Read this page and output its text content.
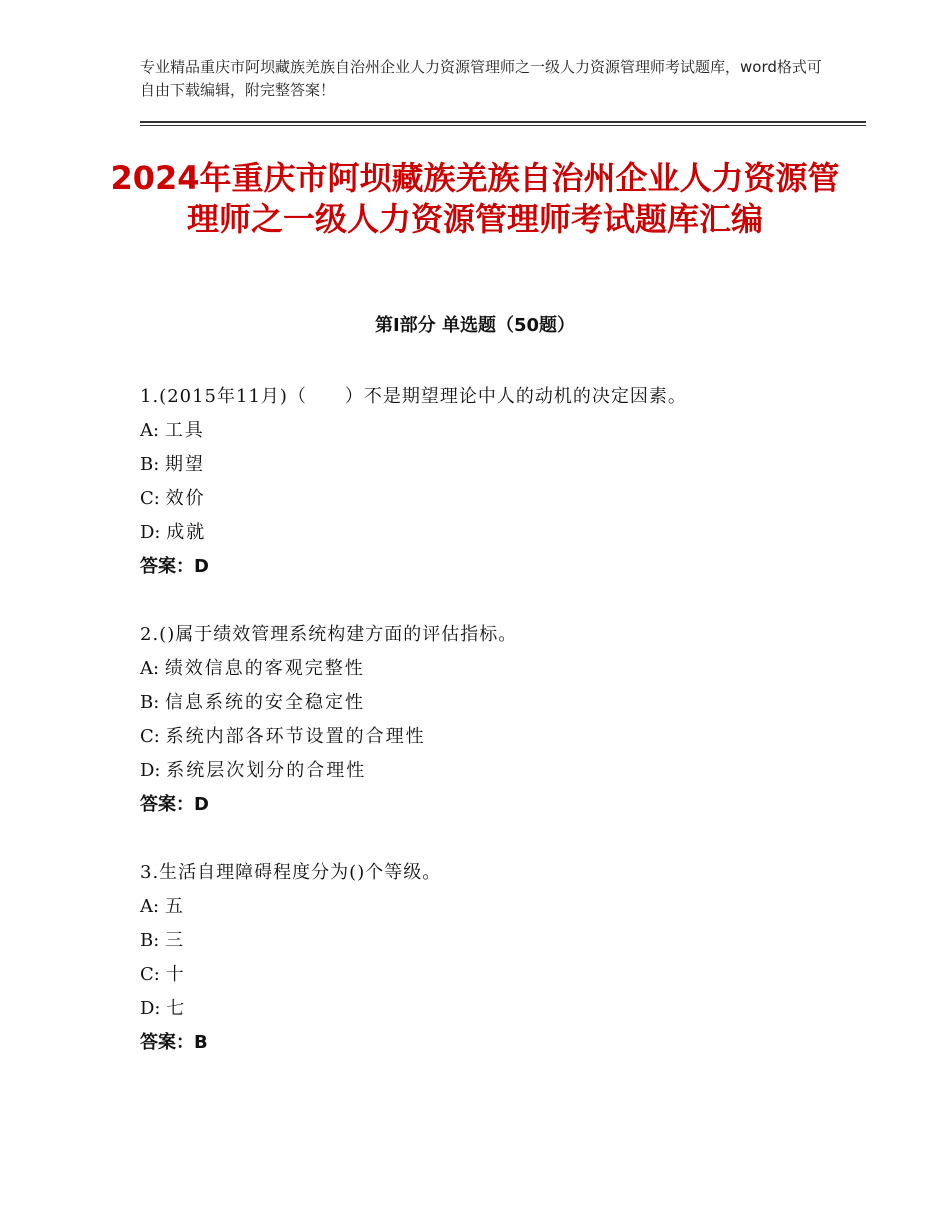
专业精品重庆市阿坝藏族羌族自治州企业人力资源管理师之一级人力资源管理师考试题库，word格式可自由下载编辑，附完整答案！
2024年重庆市阿坝藏族羌族自治州企业人力资源管理师之一级人力资源管理师考试题库汇编
第Ⅰ部分 单选题（50题）
1.(2015年11月)（　　）不是期望理论中人的动机的决定因素。
A: 工具
B: 期望
C: 效价
D: 成就
答案：D
2.()属于绩效管理系统构建方面的评估指标。
A: 绩效信息的客观完整性
B: 信息系统的安全稳定性
C: 系统内部各环节设置的合理性
D: 系统层次划分的合理性
答案：D
3.生活自理障碍程度分为()个等级。
A: 五
B: 三
C: 十
D: 七
答案：B
